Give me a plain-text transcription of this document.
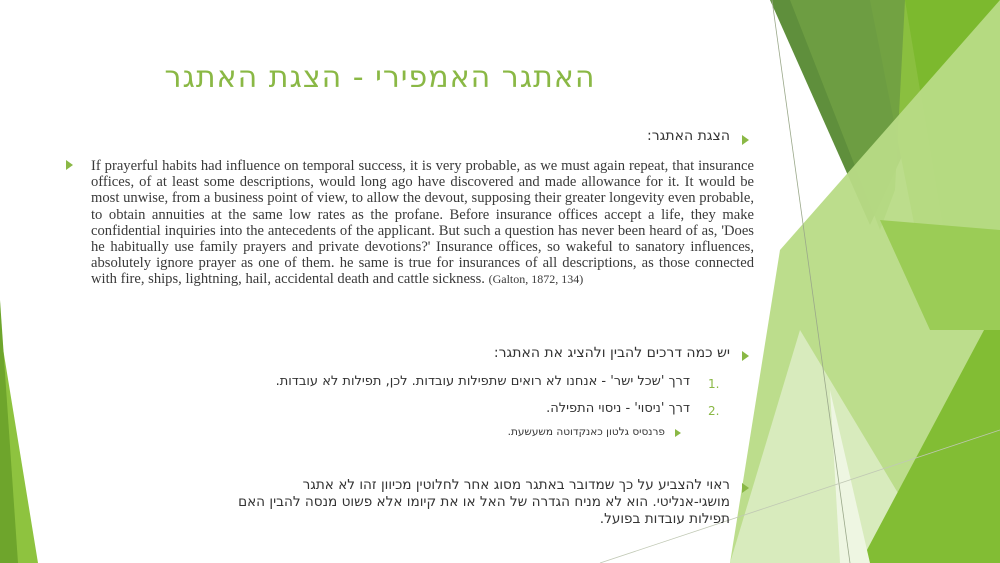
האתגר האמפירי - הצגת האתגר
הצגת האתגר:
If prayerful habits had influence on temporal success, it is very probable, as we must again repeat, that insurance offices, of at least some descriptions, would long ago have discovered and made allowance for it. It would be most unwise, from a business point of view, to allow the devout, supposing their greater longevity even probable, to obtain annuities at the same low rates as the profane. Before insurance offices accept a life, they make confidential inquiries into the antecedents of the applicant. But such a question has never been heard of as, 'Does he habitually use family prayers and private devotions?' Insurance offices, so wakeful to sanatory influences, absolutely ignore prayer as one of them. he same is true for insurances of all descriptions, as those connected with fire, ships, lightning, hail, accidental death and cattle sickness. (Galton, 1872, 134)
יש כמה דרכים להבין ולהציג את האתגר:
1.
דרך 'שכל ישר' - אנחנו לא רואים שתפילות עובדות. לכן, תפילות לא עובדות.
2.
דרך 'ניסוי' - ניסוי התפילה.
פרנסיס גלטון כאנקדוטה משעשעת.
ראוי להצביע על כך שמדובר באתגר מסוג אחר לחלוטין מכיוון זהו לא אתגר מושגי-אנליטי. הוא לא מניח הגדרה של האל או את קיומו אלא פשוט מנסה להבין האם תפילות עובדות בפועל.
